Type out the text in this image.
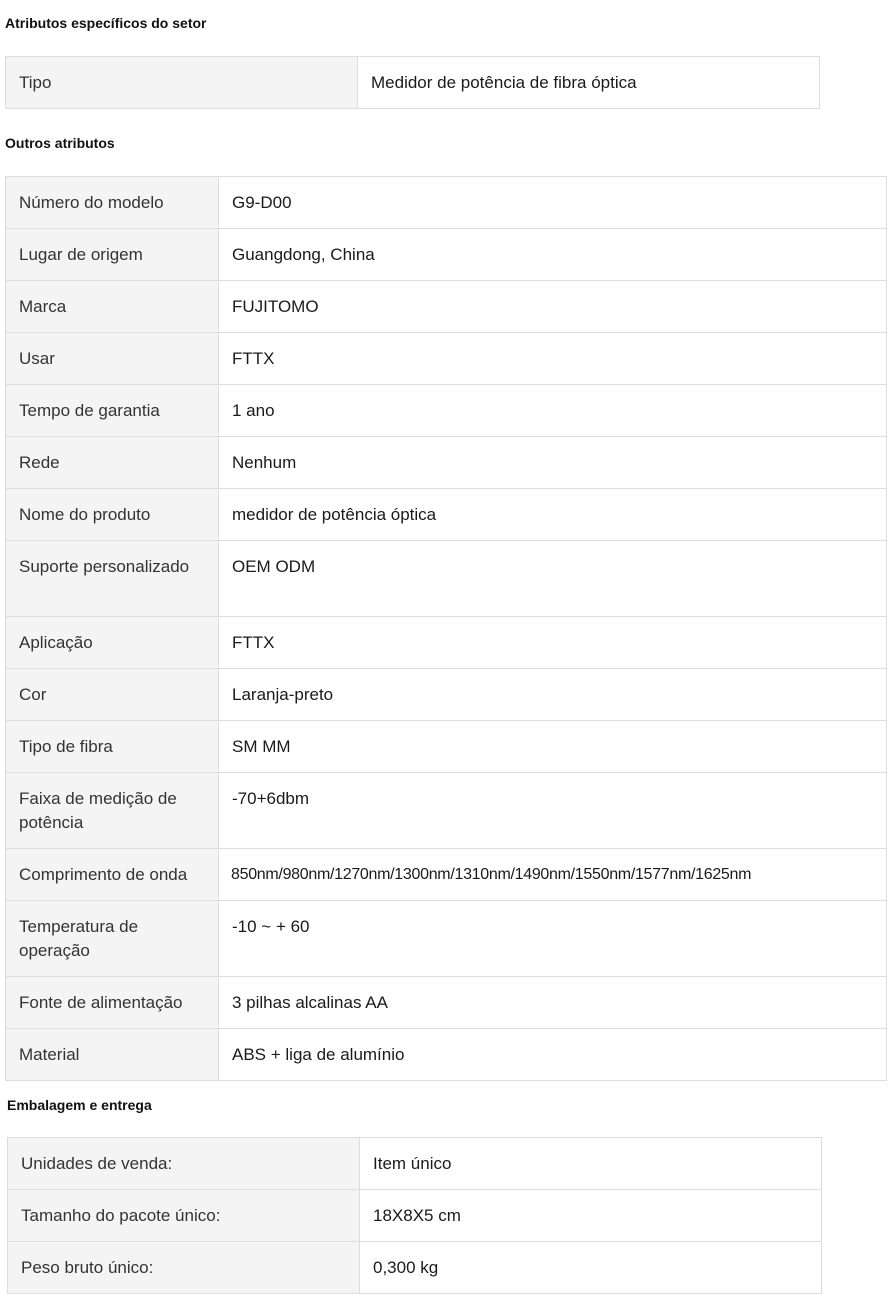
Atributos específicos do setor
Tipo	Medidor de potência de fibra óptica
Outros atributos
Número do modelo	G9-D00
Lugar de origem	Guangdong, China
Marca	FUJITOMO
Usar	FTTX
Tempo de garantia	1 ano
Rede	Nenhum
Nome do produto	medidor de potência óptica
Suporte personalizado	OEM ODM
Aplicação	FTTX
Cor	Laranja-preto
Tipo de fibra	SM MM
Faixa de medição de potência	-70+6dbm
Comprimento de onda	850nm/980nm/1270nm/1300nm/1310nm/1490nm/1550nm/1577nm/1625nm
Temperatura de operação	-10 ~ + 60
Fonte de alimentação	3 pilhas alcalinas AA
Material	ABS + liga de alumínio
Embalagem e entrega
Unidades de venda:	Item único
Tamanho do pacote único:	18X8X5 cm
Peso bruto único:	0,300 kg
